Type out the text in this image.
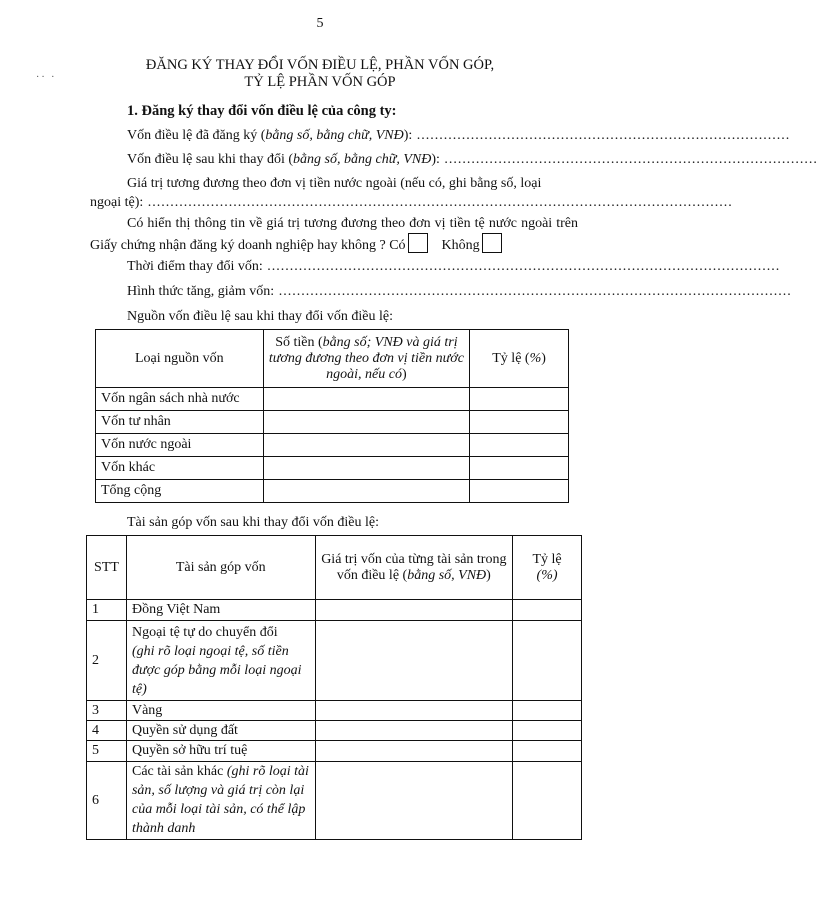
5
·· ·
ĐĂNG KÝ THAY ĐỔI VỐN ĐIỀU LỆ, PHẦN VỐN GÓP,
TỶ LỆ PHẦN VỐN GÓP
1. Đăng ký thay đổi vốn điều lệ của công ty:
Vốn điều lệ đã đăng ký ( bằng số, bằng chữ, VNĐ ): ...................................................................................
Vốn điều lệ sau khi thay đổi ( bằng số, bằng chữ, VNĐ ): ...................................................................................
Giá trị tương đương theo đơn vị tiền nước ngoài (nếu có, ghi bằng số, loại
ngoại tệ): ..................................................................................................................................
Có hiển thị thông tin về giá trị tương đương theo đơn vị tiền tệ nước ngoài trên Giấy chứng nhận đăng ký doanh nghiệp hay không ? Có	Không
Thời điểm thay đổi vốn: ..................................................................................................................
Hình thức tăng, giảm vốn: ..................................................................................................................
Nguồn vốn điều lệ sau khi thay đổi vốn điều lệ:
Loại nguồn vốn	Số tiền (bằng số; VNĐ và giá trị tương đương theo đơn vị tiền nước ngoài, nếu có)	Tỷ lệ (%)
Vốn ngân sách nhà nước		
Vốn tư nhân		
Vốn nước ngoài		
Vốn khác		
Tổng cộng		
Tài sản góp vốn sau khi thay đổi vốn điều lệ:
STT	Tài sản góp vốn	Giá trị vốn của từng tài sản trong vốn điều lệ (bằng số, VNĐ)	Tỷ lệ
(%)
1	Đồng Việt Nam		
2	Ngoại tệ tự do chuyển đổi
(ghi rõ loại ngoại tệ, số tiền được góp bằng mỗi loại ngoại tệ)		
3	Vàng		
4	Quyền sử dụng đất		
5	Quyền sở hữu trí tuệ		
6	Các tài sản khác (ghi rõ loại tài sản, số lượng và giá trị còn lại của mỗi loại tài sản, có thể lập thành danh		
